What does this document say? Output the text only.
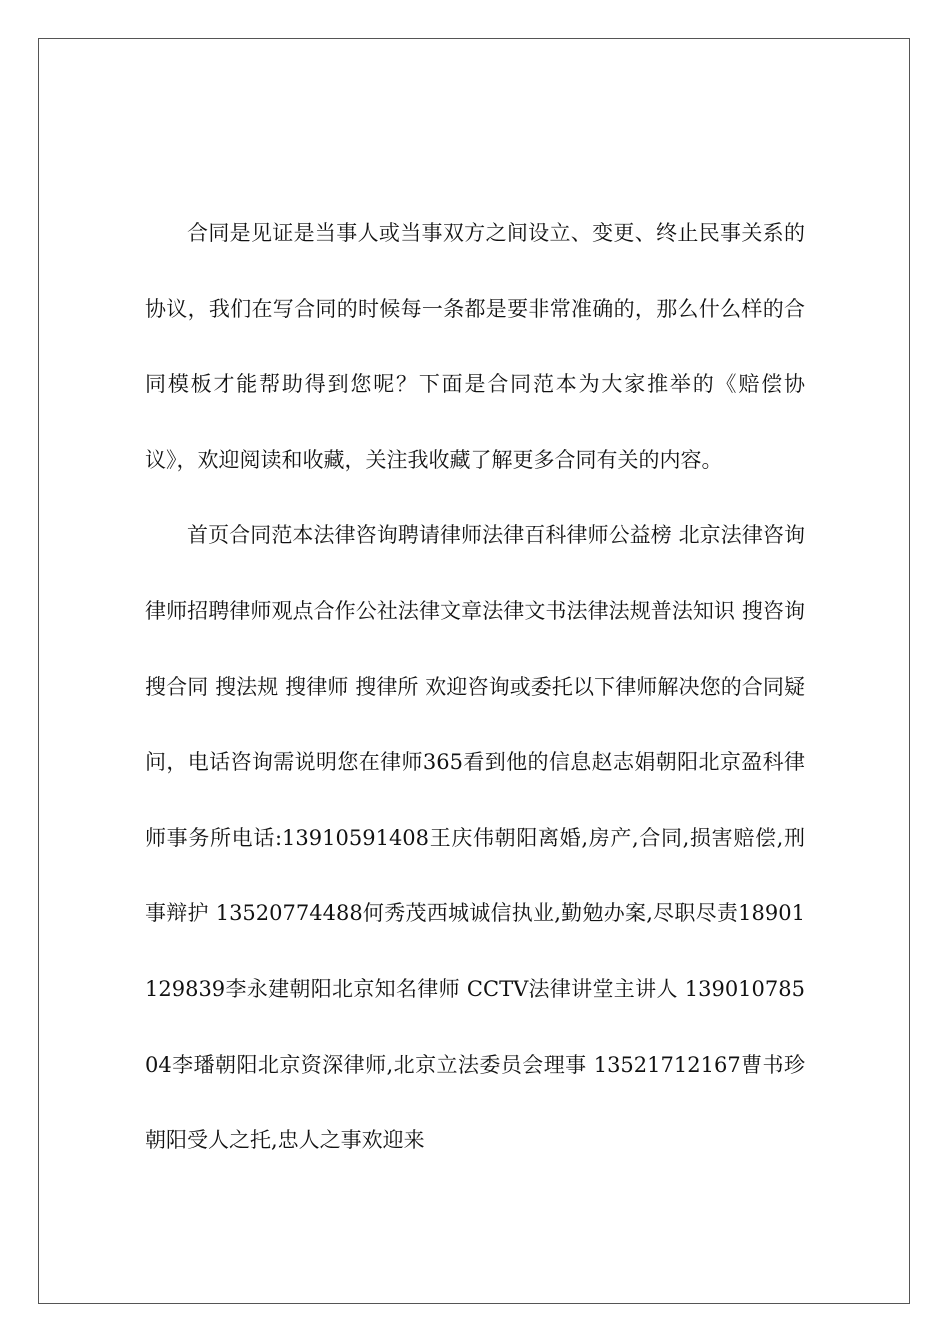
合同是见证是当事人或当事双方之间设立、变更、终止民事关系的协议，我们在写合同的时候每一条都是要非常准确的，那么什么样的合同模板才能帮助得到您呢？下面是合同范本为大家推举的《赔偿协议》，欢迎阅读和收藏，关注我收藏了解更多合同有关的内容。

首页合同范本法律咨询聘请律师法律百科律师公益榜 北京法律咨询 律师招聘律师观点合作公社法律文章法律文书法律法规普法知识 搜咨询 搜合同 搜法规 搜律师 搜律所 欢迎咨询或委托以下律师解决您的合同疑问，电话咨询需说明您在律师365看到他的信息赵志娟朝阳北京盈科律师事务所电话:13910591408王庆伟朝阳离婚,房产,合同,损害赔偿,刑事辩护 13520774488何秀茂西城诚信执业,勤勉办案,尽职尽责18901129839李永建朝阳北京知名律师 CCTV法律讲堂主讲人 13901078504李璠朝阳北京资深律师,北京立法委员会理事 13521712167曹书珍朝阳受人之托,忠人之事欢迎来
